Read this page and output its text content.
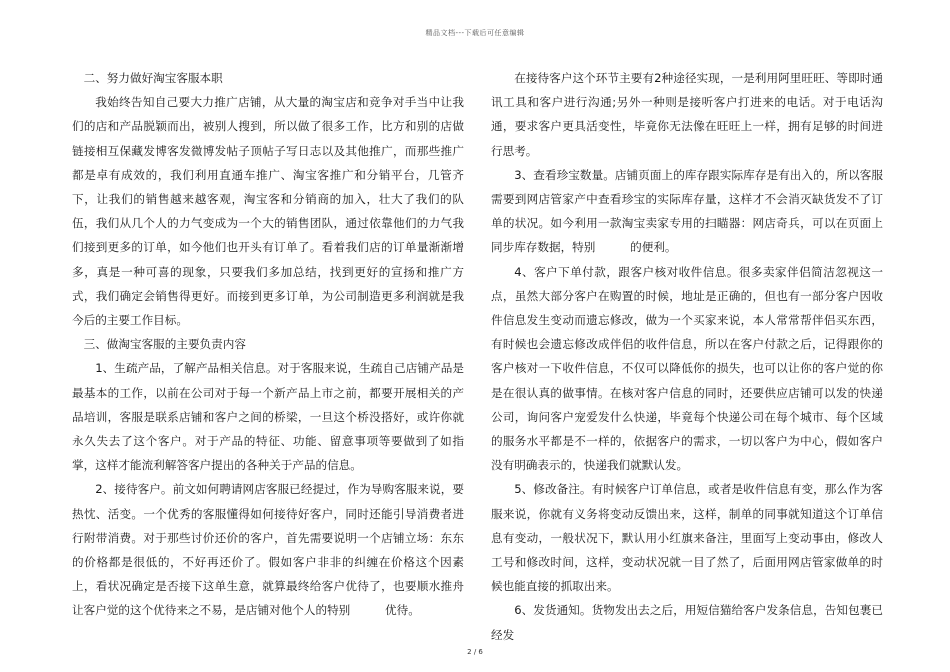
精品文档---下载后可任意编辑

二、努力做好淘宝客服本职

我始终告知自己要大力推广店铺，从大量的淘宝店和竞争对手当中让我们的店和产品脱颖而出，被别人搜到，所以做了很多工作，比方和别的店做链接相互保藏发博客发微博发帖子顶帖子写日志以及其他推广，而那些推广都是卓有成效的，我们利用直通车推广、淘宝客推广和分销平台，几管齐下，让我们的销售越来越客观，淘宝客和分销商的加入，壮大了我们的队伍，我们从几个人的力气变成为一个大的销售团队，通过依靠他们的力气我们接到更多的订单，如今他们也开头有订单了。看着我们店的订单量渐渐增多，真是一种可喜的现象，只要我们多加总结，找到更好的宣扬和推广方式，我们确定会销售得更好。而接到更多订单，为公司制造更多利润就是我今后的主要工作目标。

三、做淘宝客服的主要负责内容

1、生疏产品，了解产品相关信息。对于客服来说，生疏自己店铺产品是最基本的工作，以前在公司对于每一个新产品上市之前，都要开展相关的产品培训，客服是联系店铺和客户之间的桥梁，一旦这个桥没搭好，或许你就永久失去了这个客户。对于产品的特征、功能、留意事项等要做到了如指掌，这样才能流利解答客户提出的各种关于产品的信息。

2、接待客户。前文如何聘请网店客服已经提过，作为导购客服来说，要热忱、活变。一个优秀的客服懂得如何接待好客户，同时还能引导消费者进行附带消费。对于那些讨价还价的客户，首先需要说明一个店铺立场：东东的价格都是很低的，不好再还价了。假如客户非非的纠缠在价格这个因素上，看状况确定是否接下这单生意，就算最终给客户优待了，也要顺水推舟让客户觉的这个优待来之不易，是店铺对他个人的特别　　　优待。

在接待客户这个环节主要有2种途径实现，一是利用阿里旺旺、等即时通讯工具和客户进行沟通;另外一种则是接听客户打进来的电话。对于电话沟通，要求客户更具活变性，毕竟你无法像在旺旺上一样，拥有足够的时间进行思考。

3、查看珍宝数量。店铺页面上的库存跟实际库存是有出入的，所以客服需要到网店管家产中查看珍宝的实际库存量，这样才不会消灭缺货发不了订单的状况。如今利用一款淘宝卖家专用的扫瞄器：网店奇兵，可以在页面上同步库存数据，特别　　　的便利。

4、客户下单付款，跟客户核对收件信息。很多卖家伴侣简洁忽视这一点，虽然大部分客户在购置的时候，地址是正确的，但也有一部分客户因收件信息发生变动而遗忘修改，做为一个买家来说，本人常常帮伴侣买东西，有时候也会遗忘修改成伴侣的收件信息，所以在客户付款之后，记得跟你的客户核对一下收件信息，不仅可以降低你的损失，也可以让你的客户觉的你是在很认真的做事情。在核对客户信息的同时，还要供应店铺可以发的快递公司，询问客户宠爱发什么快递，毕竟每个快递公司在每个城市、每个区域的服务水平都是不一样的，依据客户的需求，一切以客户为中心，假如客户没有明确表示的，快递我们就默认发。

5、修改备注。有时候客户订单信息，或者是收件信息有变，那么作为客服来说，你就有义务将变动反馈出来，这样，制单的同事就知道这个订单信息有变动，一般状况下，默认用小红旗来备注，里面写上变动事由，修改人工号和修改时间，这样，变动状况就一目了然了，后面用网店管家做单的时候也能直接的抓取出来。

6、发货通知。货物发出去之后，用短信猫给客户发条信息，告知包裹已经发

2 / 6
